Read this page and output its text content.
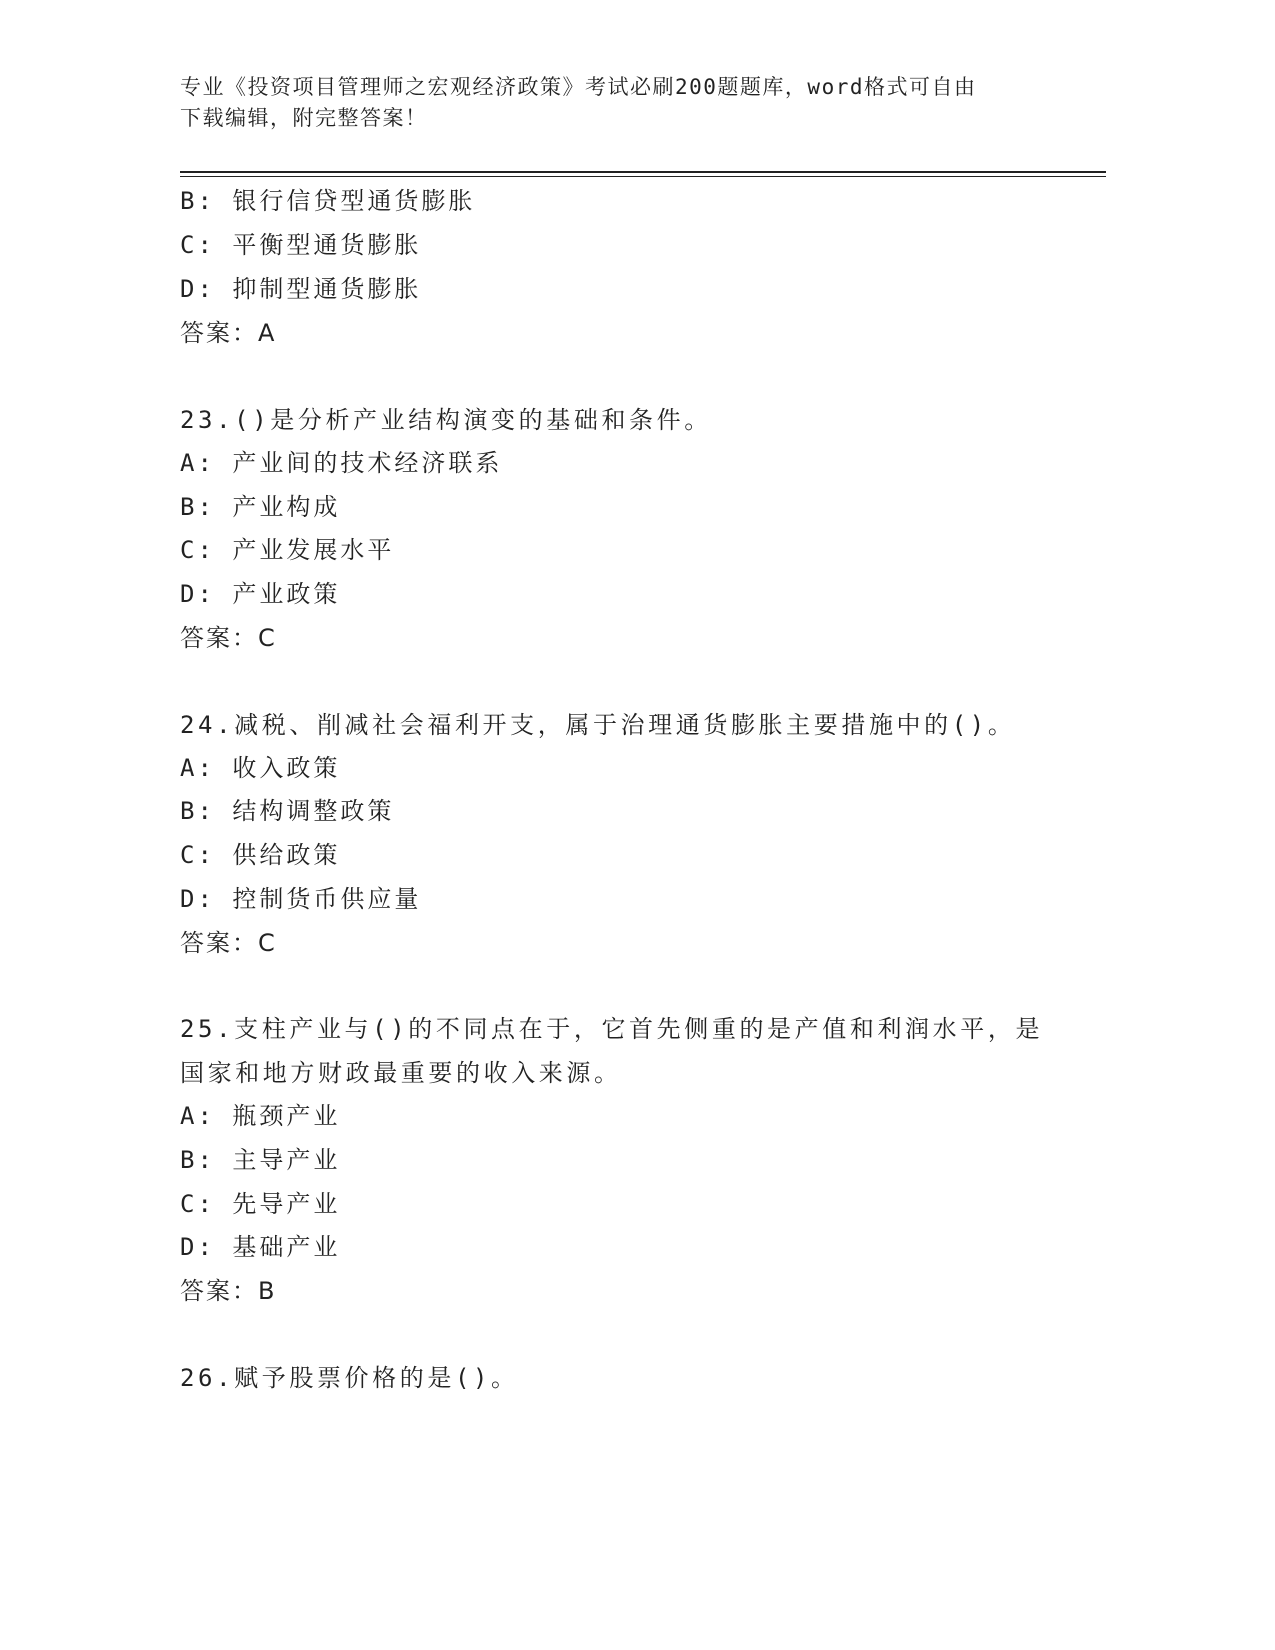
专业《投资项目管理师之宏观经济政策》考试必刷200题题库，word格式可自由
下载编辑，附完整答案！
B: 银行信贷型通货膨胀
C: 平衡型通货膨胀
D: 抑制型通货膨胀
答案：A
23.()是分析产业结构演变的基础和条件。
A: 产业间的技术经济联系
B: 产业构成
C: 产业发展水平
D: 产业政策
答案：C
24.减税、削减社会福利开支，属于治理通货膨胀主要措施中的()。
A: 收入政策
B: 结构调整政策
C: 供给政策
D: 控制货币供应量
答案：C
25.支柱产业与()的不同点在于，它首先侧重的是产值和利润水平，是
国家和地方财政最重要的收入来源。
A: 瓶颈产业
B: 主导产业
C: 先导产业
D: 基础产业
答案：B
26.赋予股票价格的是()。
